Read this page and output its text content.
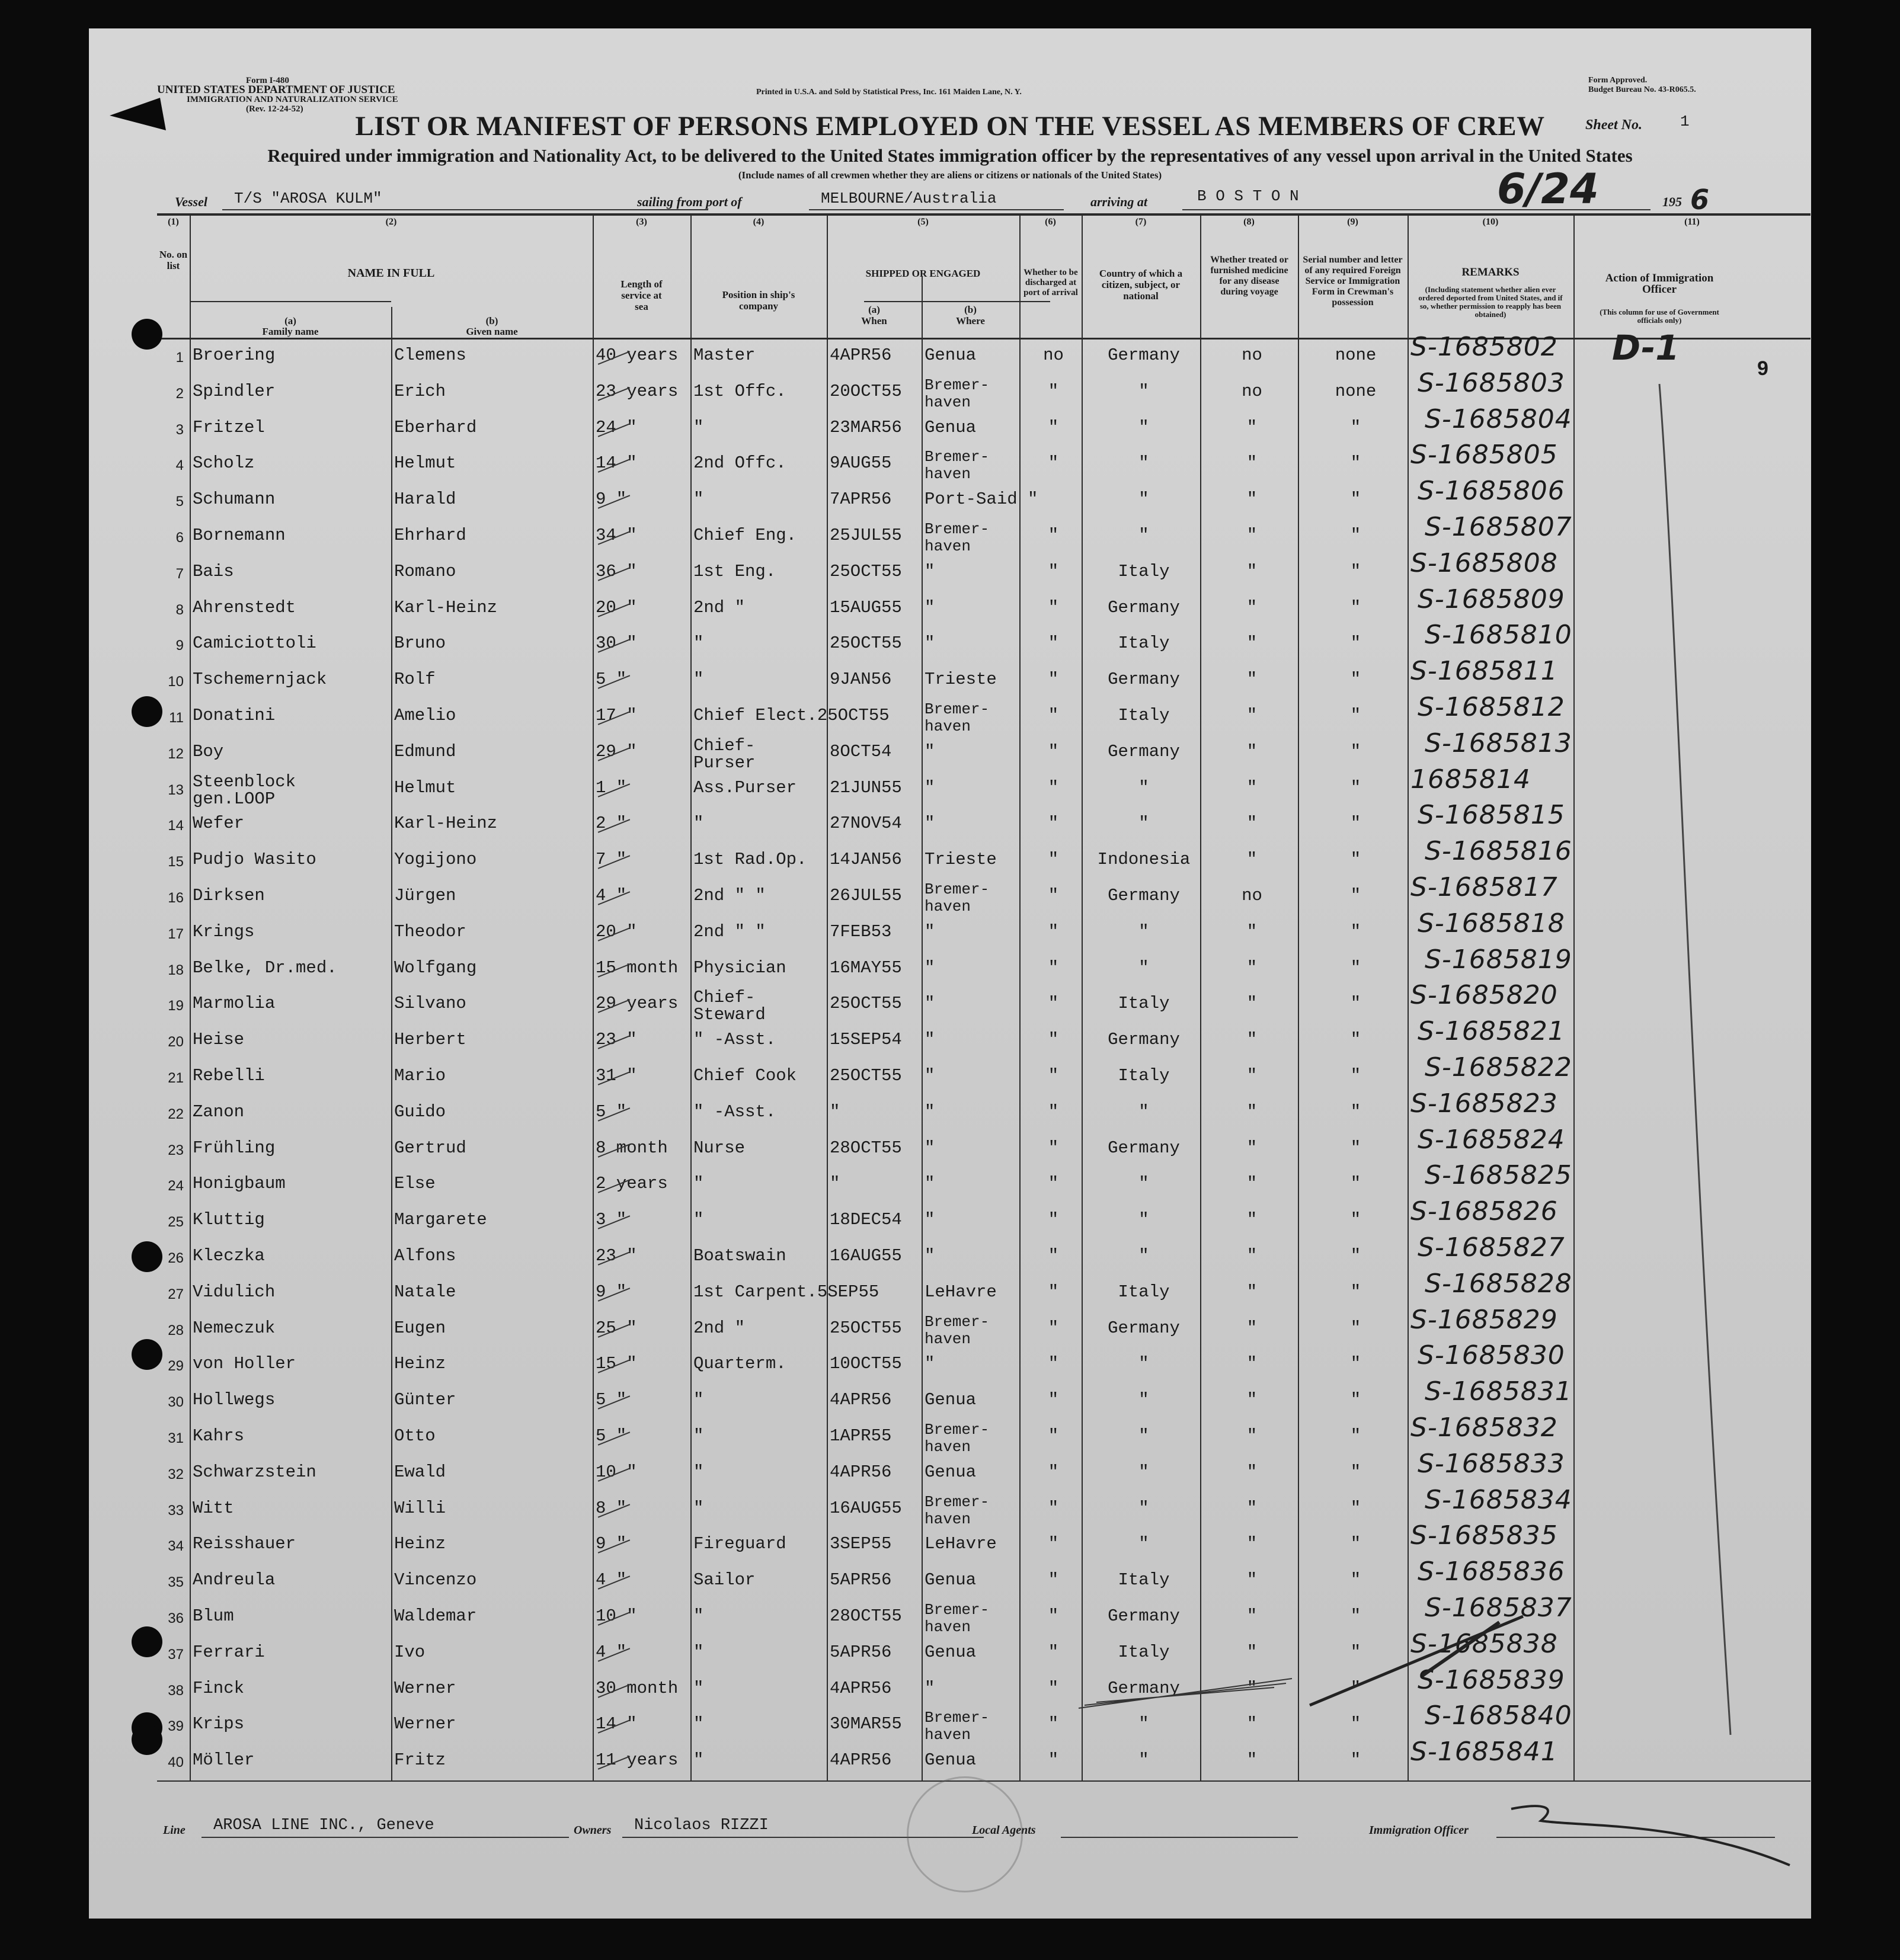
Form I-480
UNITED STATES DEPARTMENT OF JUSTICE
IMMIGRATION AND NATURALIZATION SERVICE
(Rev. 12-24-52)
Printed in U.S.A. and Sold by Statistical Press, Inc. 161 Maiden Lane, N. Y.
Form Approved.
Budget Bureau No. 43-R065.5.
LIST OR MANIFEST OF PERSONS EMPLOYED ON THE VESSEL AS MEMBERS OF CREW	Sheet No. 1
Required under immigration and Nationality Act, to be delivered to the United States immigration officer by the representatives of any vessel upon arrival in the United States
(Include names of all crewmen whether they are aliens or citizens or nationals of the United States)
Vessel T/S "AROSA KULM"	sailing from port of	MELBOURNE/Australia	arriving at	B O S T O N	6/24	195 6
(1)
No. on list
(2)
NAME IN FULL
(a)
Family name
(b)
Given name
(3)
Length of service at sea
(4)
Position in ship's company
(5)
SHIPPED OR ENGAGED
(a)
When
(b)
Where
(6)
Whether to be discharged at port of arrival
(7)
Country of which a citizen, subject, or national
(8)
Whether treated or furnished medicine for any disease during voyage
(9)
Serial number and letter of any required Foreign Service or Immigration Form in Crewman's possession
(10)
REMARKS
(Including statement whether alien ever ordered deported from United States, and if so, whether permission to reapply has been obtained)
(11)
Action of Immigration Officer
(This column for use of Government officials only)
1 Broering	Clemens	40 years Master	4APR56 Genua	no	Germany	no	none	S-1685802
2 Spindler	Erich	23 years 1st Offc.	20OCT55 Bremer-
haven
"	"	no	none	S-1685803
3 Fritzel	Eberhard	24 "	"	23MAR56 Genua	"	"	"	"	S-1685804
4 Scholz	Helmut	14 "	2nd Offc.	9AUG55 Bremer-
haven
"	"	"	"	S-1685805
5 Schumann	Harald	9 "	"	7APR56 Port-Said "	"	"	"	S-1685806
6 Bornemann	Ehrhard	34 "	Chief Eng. 25JUL55 Bremer-
haven
"	"	"	"	S-1685807
7 Bais	Romano	36 "	1st Eng.	25OCT55 "	"	Italy	"	"	S-1685808
8 Ahrenstedt	Karl-Heinz	20 "	2nd "	15AUG55 "	"	Germany	"	"	S-1685809
9 Camiciottoli	Bruno	30 "	"	25OCT55 "	"	Italy	"	"	S-1685810
10 Tschemernjack	Rolf	5 "	"	9JAN56 Trieste	"	Germany	"	"	S-1685811
11 Donatini	Amelio	17 "	Chief Elect.25OCT55 Bremer-
haven
"	Italy	"	"	S-1685812
12 Boy	Edmund	29 "	Chief-
Purser
8OCT54 "	"	Germany	"	"	S-1685813
13 Steenblock
gen.LOOP
Helmut	1 "	Ass.Purser 21JUN55 "	"	"	"	"	1685814
14 Wefer	Karl-Heinz	2 "	"	27NOV54 "	"	"	"	"	S-1685815
15 Pudjo Wasito	Yogijono	7 "	1st Rad.Op. 14JAN56 Trieste	"	Indonesia	"	"	S-1685816
16 Dirksen	Jürgen	4 "	2nd " "	26JUL55 Bremer-
haven
"	Germany	no	"	S-1685817
17 Krings	Theodor	20 "	2nd " "	7FEB53 "	"	"	"	"	S-1685818
18 Belke, Dr.med.	Wolfgang	15 month Physician	16MAY55 "	"	"	"	"	S-1685819
19 Marmolia	Silvano	29 years Chief-
Steward
25OCT55 "	"	Italy	"	"	S-1685820
20 Heise	Herbert	23 "	" -Asst.	15SEP54 "	"	Germany	"	"	S-1685821
21 Rebelli	Mario	31 "	Chief Cook 25OCT55 "	"	Italy	"	"	S-1685822
22 Zanon	Guido	5 "	" -Asst.	"	"	"	"	"	"	S-1685823
23 Frühling	Gertrud	8 month Nurse	28OCT55 "	"	Germany	"	"	S-1685824
24 Honigbaum	Else	2 years "	"	"	"	"	"	"	S-1685825
25 Kluttig	Margarete	3 "	"	18DEC54 "	"	"	"	"	S-1685826
26 Kleczka	Alfons	23 "	Boatswain	16AUG55 "	"	"	"	"	S-1685827
27 Vidulich	Natale	9 "	1st Carpent.5SEP55	LeHavre	"	Italy	"	"	S-1685828
28 Nemeczuk	Eugen	25 "	2nd "	25OCT55 Bremer-
haven
"	Germany	"	"	S-1685829
29 von Holler	Heinz	15 "	Quarterm.	10OCT55 "	"	"	"	"	S-1685830
30 Hollwegs	Günter	5 "	"	4APR56 Genua	"	"	"	"	S-1685831
31 Kahrs	Otto	5 "	"	1APR55 Bremer-
haven
"	"	"	"	S-1685832
32 Schwarzstein	Ewald	10 "	"	4APR56 Genua	"	"	"	"	S-1685833
33 Witt	Willi	8 "	"	16AUG55 Bremer-
haven
"	"	"	"	S-1685834
34 Reisshauer	Heinz	9 "	Fireguard	3SEP55 LeHavre	"	"	"	"	S-1685835
35 Andreula	Vincenzo	4 "	Sailor	5APR56 Genua	"	Italy	"	"	S-1685836
36 Blum	Waldemar	10 "	"	28OCT55 Bremer-
haven
"	Germany	"	"	S-1685837
37 Ferrari	Ivo	4 "	"	5APR56 Genua	"	Italy	"	"	S-1685838
38 Finck	Werner	30 month "	4APR56 "	"	Germany	"	"	S-1685839
39 Krips	Werner	14 "	"	30MAR55 Bremer-
haven
"	"	"	"	S-1685840
40 Möller	Fritz	11 years "	4APR56 Genua	"	"	"	"	S-1685841
D-1
9
Line AROSA LINE INC., Geneve	Owners Nicolaos RIZZI	Local Agents	Immigration Officer
